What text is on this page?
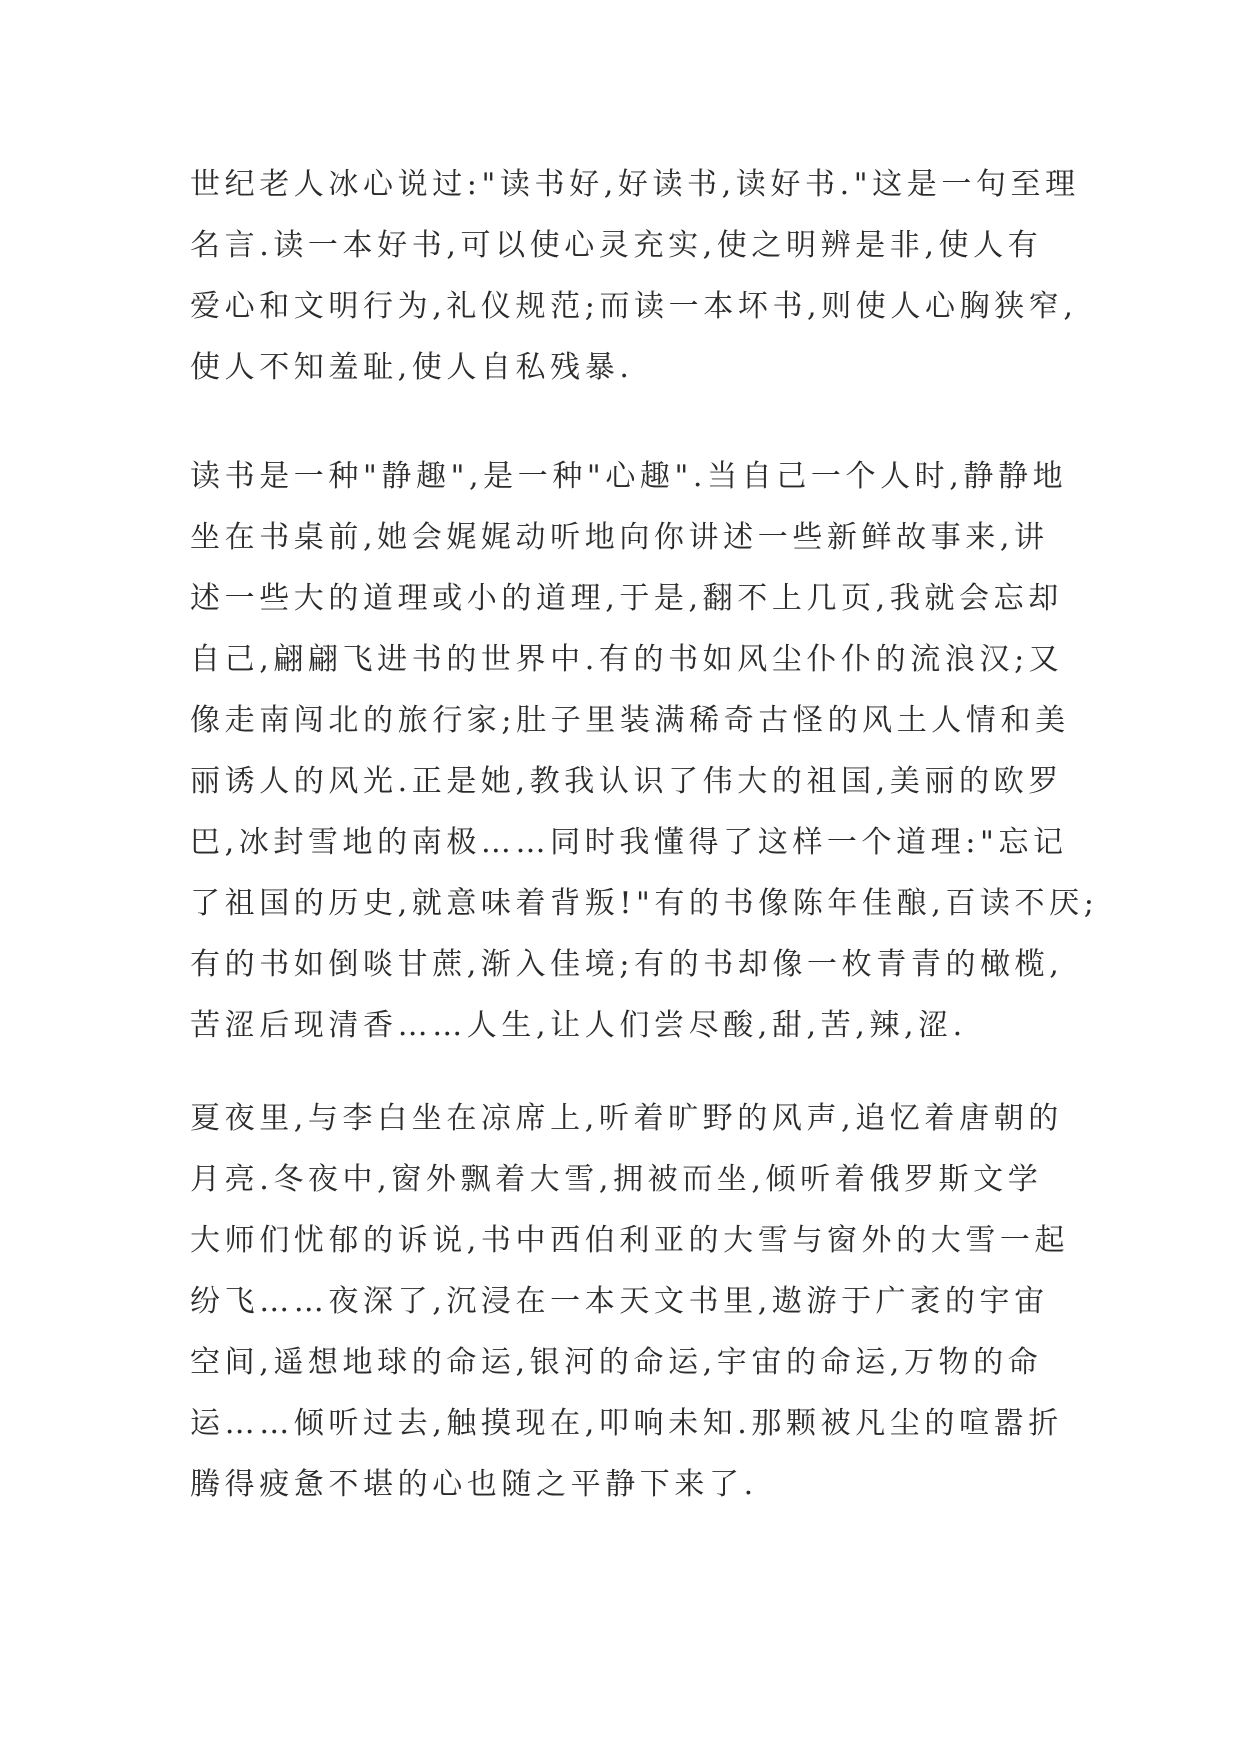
世纪老人冰心说过:"读书好,好读书,读好书."这是一句至理
名言.读一本好书,可以使心灵充实,使之明辨是非,使人有
爱心和文明行为,礼仪规范;而读一本坏书,则使人心胸狭窄,
使人不知羞耻,使人自私残暴.
读书是一种"静趣",是一种"心趣".当自己一个人时,静静地
坐在书桌前,她会娓娓动听地向你讲述一些新鲜故事来,讲
述一些大的道理或小的道理,于是,翻不上几页,我就会忘却
自己,翩翩飞进书的世界中.有的书如风尘仆仆的流浪汉;又
像走南闯北的旅行家;肚子里装满稀奇古怪的风土人情和美
丽诱人的风光.正是她,教我认识了伟大的祖国,美丽的欧罗
巴,冰封雪地的南极……同时我懂得了这样一个道理:"忘记
了祖国的历史,就意味着背叛!"有的书像陈年佳酿,百读不厌;
有的书如倒啖甘蔗,渐入佳境;有的书却像一枚青青的橄榄,
苦涩后现清香……人生,让人们尝尽酸,甜,苦,辣,涩.
夏夜里,与李白坐在凉席上,听着旷野的风声,追忆着唐朝的
月亮.冬夜中,窗外飘着大雪,拥被而坐,倾听着俄罗斯文学
大师们忧郁的诉说,书中西伯利亚的大雪与窗外的大雪一起
纷飞……夜深了,沉浸在一本天文书里,遨游于广袤的宇宙
空间,遥想地球的命运,银河的命运,宇宙的命运,万物的命
运……倾听过去,触摸现在,叩响未知.那颗被凡尘的喧嚣折
腾得疲惫不堪的心也随之平静下来了.
